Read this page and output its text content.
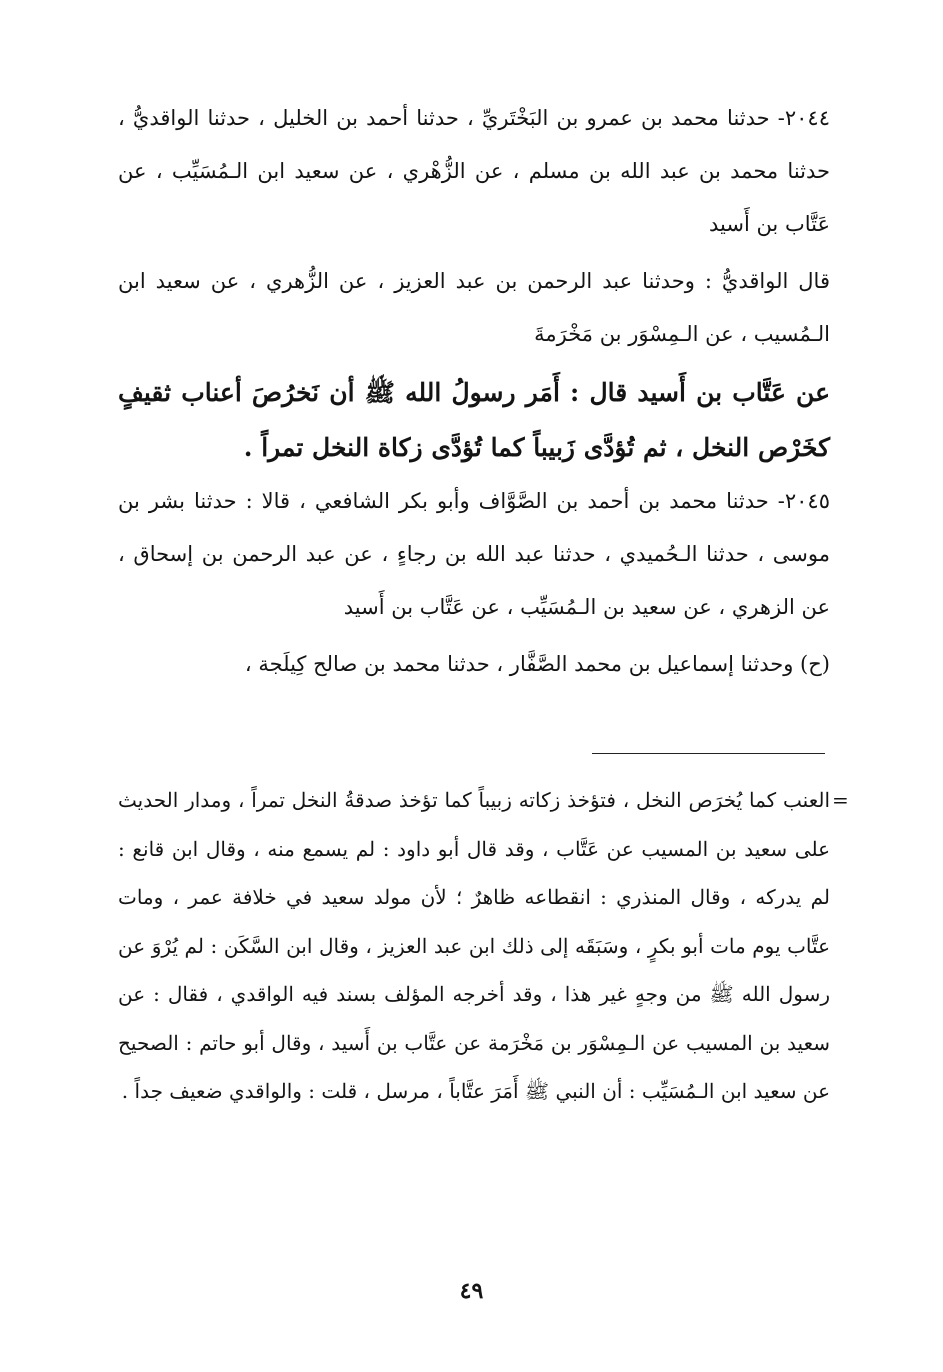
٢٠٤٤- حدثنا محمد بن عمرو بن البَخْتَريِّ ، حدثنا أحمد بن الخليل ، حدثنا الواقديُّ ، حدثنا محمد بن عبد الله بن مسلم ، عن الزُّهْري ، عن سعيد ابن الـمُسَيِّب ، عن عَتَّاب بن أَسيد

قال الواقديُّ : وحدثنا عبد الرحمن بن عبد العزيز ، عن الزُّهري ، عن سعيد ابن الـمُسيب ، عن الـمِسْوَر بن مَخْرَمةَ

عن عَتَّاب بن أَسيد قال : أَمَر رسولُ الله ﷺ أن نَخرُصَ أعناب ثقيفٍ كخَرْص النخل ، ثم تُؤدَّى زَبيباً كما تُؤدَّى زكاة النخل تمراً .

٢٠٤٥- حدثنا محمد بن أحمد بن الصَّوَّاف وأبو بكر الشافعي ، قالا : حدثنا بشر بن موسى ، حدثنا الـحُميدي ، حدثنا عبد الله بن رجاءٍ ، عن عبد الرحمن بن إسحاق ، عن الزهري ، عن سعيد بن الـمُسَيِّب ، عن عَتَّاب بن أَسيد

(ح) وحدثنا إسماعيل بن محمد الصَّفَّار ، حدثنا محمد بن صالح كِيلَجة ،

=
العنب كما يُخرَص النخل ، فتؤخذ زكاته زبيباً كما تؤخذ صدقةُ النخل تمراً ، ومدار الحديث على سعيد بن المسيب عن عَتَّاب ، وقد قال أبو داود : لم يسمع منه ، وقال ابن قانع : لم يدركه ، وقال المنذري : انقطاعه ظاهرٌ ؛ لأن مولد سعيد في خلافة عمر ، ومات عتَّاب يوم مات أبو بكرٍ ، وسَبَقَه إلى ذلك ابن عبد العزيز ، وقال ابن السَّكَن : لم يُرْوَ عن رسول الله ﷺ من وجهٍ غير هذا ، وقد أخرجه المؤلف بسند فيه الواقدي ، فقال : عن سعيد بن المسيب عن الـمِسْوَر بن مَخْرَمة عن عتَّاب بن أَسيد ، وقال أبو حاتم : الصحيح عن سعيد ابن الـمُسَيِّب : أن النبي ﷺ أَمَرَ عتَّاباً ، مرسل ، قلت : والواقدي ضعيف جداً .
٤٩
